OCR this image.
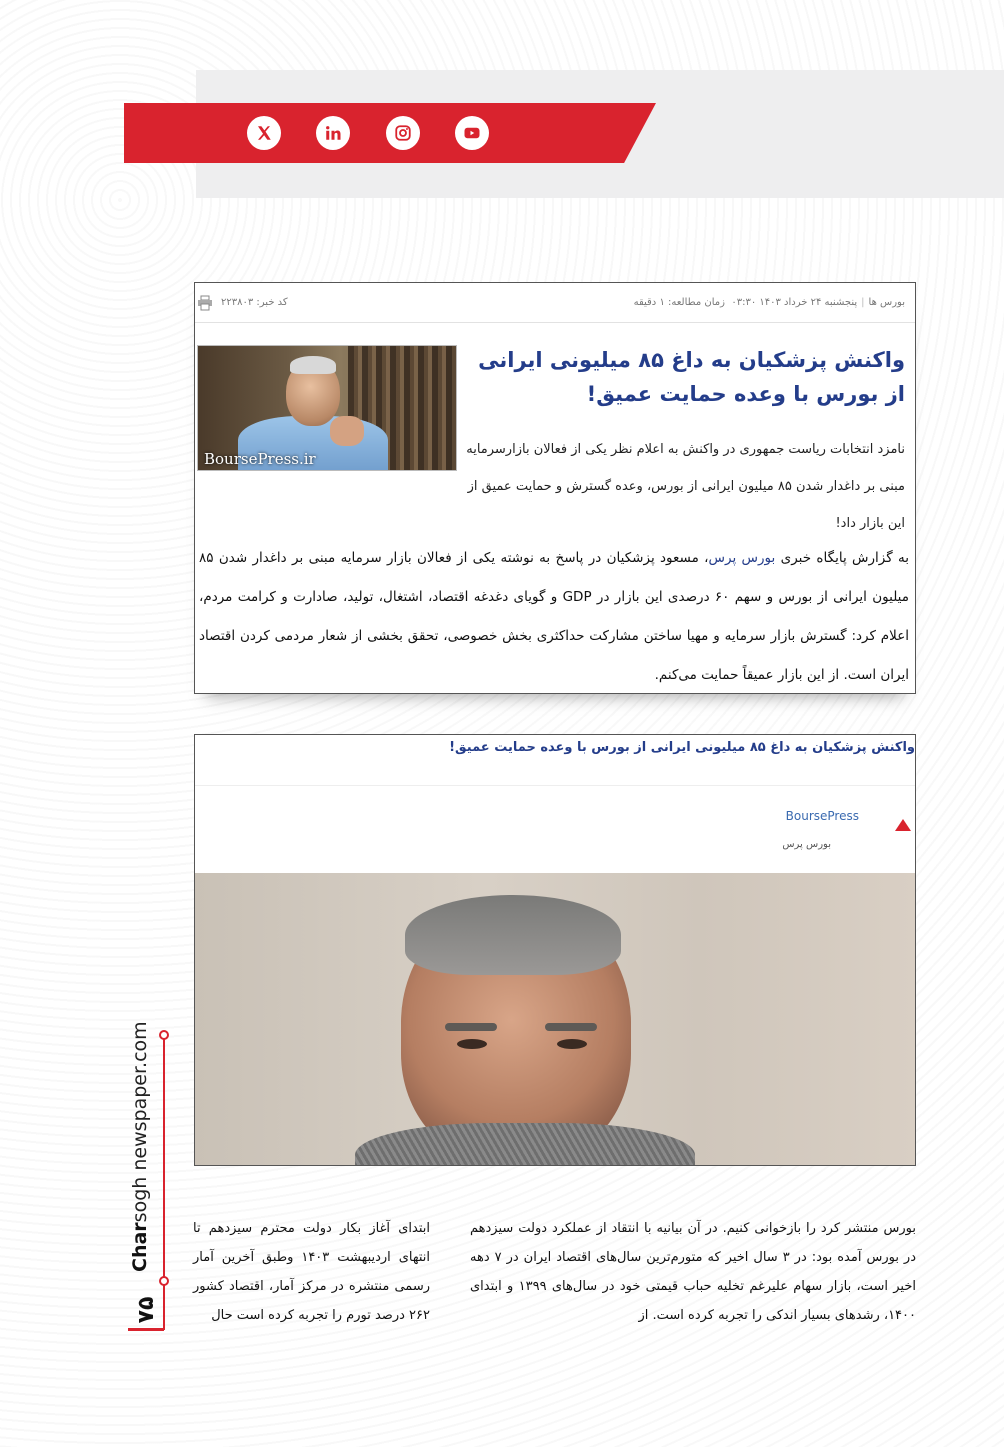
بورس ها|پنجشنبه ۲۴ خرداد ۱۴۰۳ ۰۳:۳۰  زمان مطالعه: ۱ دقیقه
کد خبر: ۲۲۳۸۰۳
BoursePress.ir
واکنش پزشکیان به داغ ۸۵ میلیونی ایرانی از بورس با وعده حمایت عمیق!
نامزد انتخابات ریاست جمهوری در واکنش به اعلام نظر یکی از فعالان بازارسرمایه مبنی بر داغدار شدن ۸۵ میلیون ایرانی از بورس، وعده گسترش و حمایت عمیق از این بازار داد!
به گزارش پایگاه خبری بورس پرس، مسعود پزشکیان در پاسخ به نوشته یکی از فعالان بازار سرمایه مبنی بر داغدار شدن ۸۵ میلیون ایرانی از بورس و سهم ۶۰ درصدی این بازار در GDP و گویای دغدغه اقتصاد، اشتغال، تولید، صادارت و کرامت مردم، اعلام کرد: گسترش بازار سرمایه و مهیا ساختن مشارکت حداکثری بخش خصوصی، تحقق بخشی از شعار مردمی کردن اقتصاد ایران است. از این بازار عمیقاً حمایت می‌کنم.
واکنش پزشکیان به داغ ۸۵ میلیونی ایرانی از بورس با وعده حمایت عمیق!
BoursePress
بورس پرس
بورس منتشر کرد را بازخوانی کنیم. در آن بیانیه با انتقاد از عملکرد دولت سیزدهم در بورس آمده بود: در ۳ سال اخیر که متورم‌ترین سال‌های اقتصاد ایران در ۷ دهه اخیر است، بازار سهام علیرغم تخلیه حباب قیمتی خود در سال‌های ۱۳۹۹ و ابتدای ۱۴۰۰، رشدهای بسیار اندکی را تجربه کرده است. از
ابتدای آغاز بکار دولت محترم سیزدهم تا انتهای اردیبهشت ۱۴۰۳ وطبق آخرین آمار رسمی منتشره در مرکز آمار، اقتصاد کشور ۲۶۲ درصد تورم را تجربه کرده است حال
Charsogh newspaper.com
۷۵
